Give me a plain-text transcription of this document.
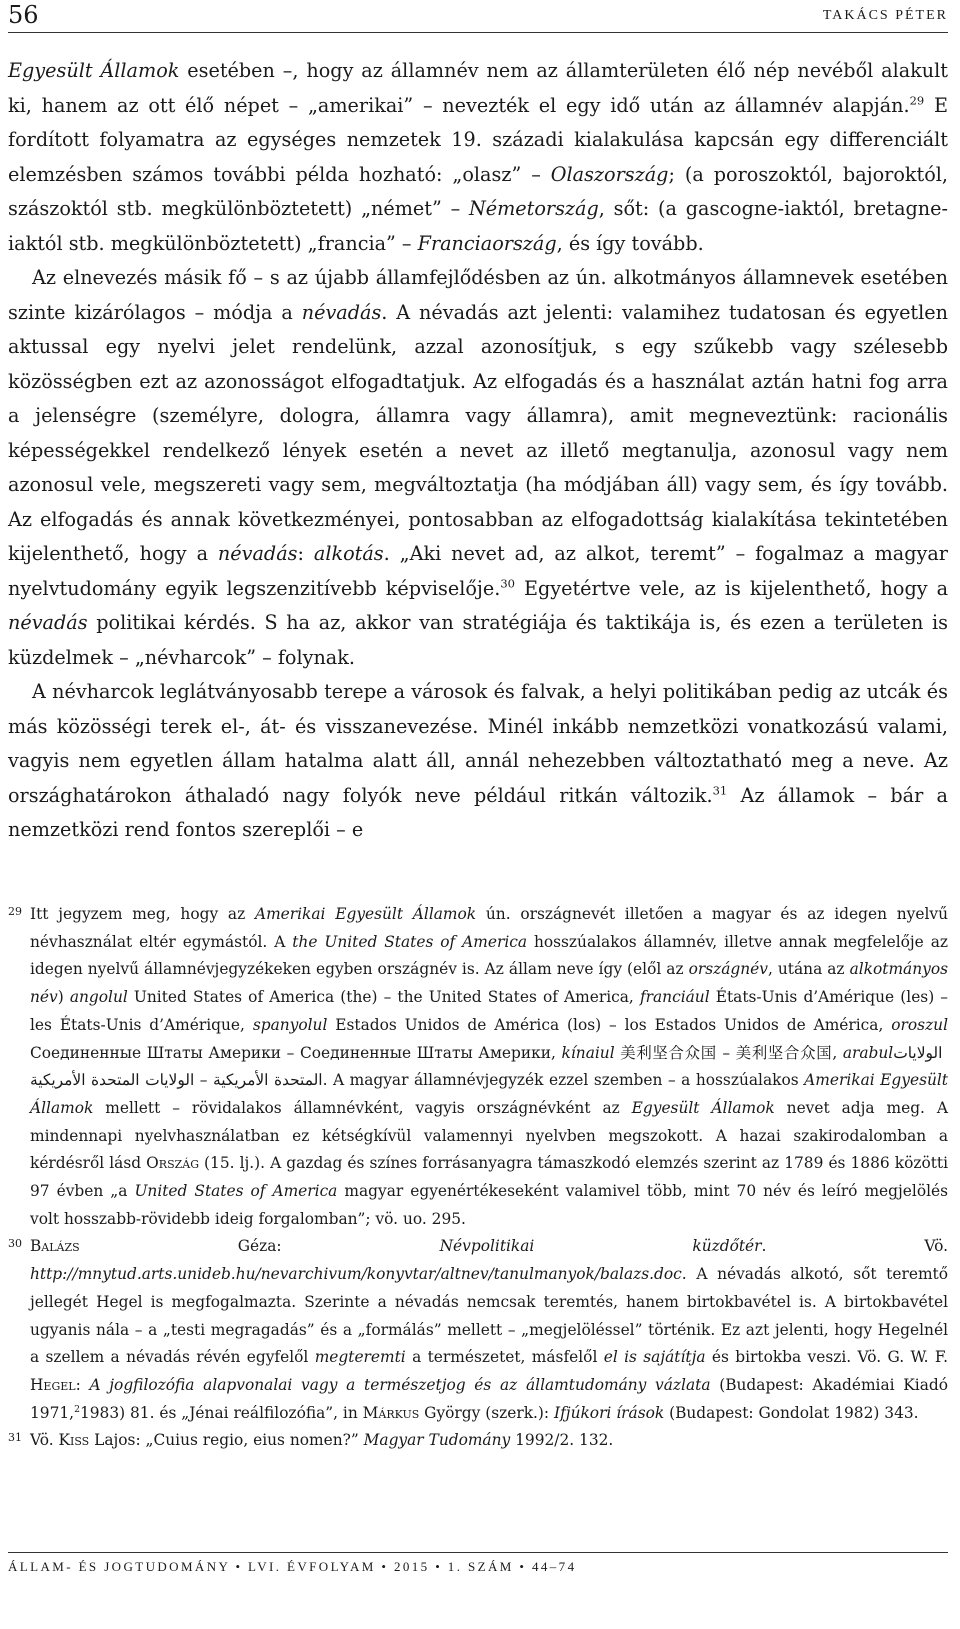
56	TAKÁCS PÉTER

Egyesült Államok esetében –, hogy az államnév nem az államterületen élő nép nevéből alakult ki, hanem az ott élő népet – „amerikai” – nevezték el egy idő után az államnév alapján.$^{29}$ E fordított folyamatra az egységes nemzetek 19. századi kialakulása kapcsán egy differenciált elemzésben számos további példa hozható: „olasz” – Olaszország; (a poroszoktól, bajoroktól, szászoktól stb. megkülönböztetett) „német” – Németország, sőt: (a gascogne-iaktól, bretagne-iaktól stb. megkülönböztetett) „francia” – Franciaország, és így tovább.

Az elnevezés másik fő – s az újabb államfejlődésben az ún. alkotmányos államnevek esetében szinte kizárólagos – módja a névadás. A névadás azt jelenti: valamihez tudatosan és egyetlen aktussal egy nyelvi jelet rendelünk, azzal azonosítjuk, s egy szűkebb vagy szélesebb közösségben ezt az azonosságot elfogadtatjuk. Az elfogadás és a használat aztán hatni fog arra a jelenségre (személyre, dologra, államra vagy államra), amit megneveztünk: racionális képességekkel rendelkező lények esetén a nevet az illető megtanulja, azonosul vagy nem azonosul vele, megszereti vagy sem, megváltoztatja (ha módjában áll) vagy sem, és így tovább. Az elfogadás és annak következményei, pontosabban az elfogadottság kialakítása tekintetében kijelenthető, hogy a névadás: alkotás. „Aki nevet ad, az alkot, teremt” – fogalmaz a magyar nyelvtudomány egyik legszenzitívebb képviselője.$^{30}$ Egyetértve vele, az is kijelenthető, hogy a névadás politikai kérdés. S ha az, akkor van stratégiája és taktikája is, és ezen a területen is küzdelmek – „névharcok” – folynak.

A névharcok leglátványosabb terepe a városok és falvak, a helyi politikában pedig az utcák és más közösségi terek el-, át- és visszanevezése. Minél inkább nemzetközi vonatkozású valami, vagyis nem egyetlen állam hatalma alatt áll, annál nehezebben változtatható meg a neve. Az országhatárokon áthaladó nagy folyók neve például ritkán változik.$^{31}$ Az államok – bár a nemzetközi rend fontos szereplői – e

29 Itt jegyzem meg, hogy az Amerikai Egyesült Államok ún. országnevét illetően a magyar és az idegen nyelvű névhasználat eltér egymástól. A the United States of America hosszúalakos államnév, illetve annak megfelelője az idegen nyelvű államnévjegyzékeken egyben országnév is. Az állam neve így (elől az országnév, utána az alkotmányos név) angolul United States of America (the) – the United States of America, franciául États-Unis d’Amérique (les) – les États-Unis d’Amérique, spanyolul Estados Unidos de América (los) – los Estados Unidos de América, oroszul Соединенные Штаты Америки – Соединенные Штаты Америки, kínaiul 美利坚合众国 – 美利坚合众国, arabul الولايات المتحدة الأمريكية – الولايات المتحدة الأمريكية. A magyar államnévjegyzék ezzel szemben – a hosszúalakos Amerikai Egyesült Államok mellett – rövidalakos államnévként, vagyis országnévként az Egyesült Államok nevet adja meg. A mindennapi nyelvhasználatban ez kétségkívül valamennyi nyelvben megszokott. A hazai szakirodalomban a kérdésről lásd Ország (15. lj.). A gazdag és színes forrásanyagra támaszkodó elemzés szerint az 1789 és 1886 közötti 97 évben „a United States of America magyar egyenértékeseként valamivel több, mint 70 név és leíró megjelölés volt hosszabb-rövidebb ideig forgalomban”; vö. uo. 295.

30 Balázs Géza: Névpolitikai küzdőtér. Vö. http://mnytud.arts.unideb.hu/nevarchivum/konyvtar/altnev/tanulmanyok/balazs.doc. A névadás alkotó, sőt teremtő jellegét Hegel is megfogalmazta. Szerinte a névadás nemcsak teremtés, hanem birtokbavétel is. A birtokbavétel ugyanis nála – a „testi megragadás” és a „formálás” mellett – „megjelöléssel” történik. Ez azt jelenti, hogy Hegelnél a szellem a névadás révén egyfelől megteremti a természetet, másfelől el is sajátítja és birtokba veszi. Vö. G. W. F. Hegel: A jogfilozófia alapvonalai vagy a természetjog és az államtudomány vázlata (Budapest: Akadémiai Kiadó 1971,$^2$1983) 81. és „Jénai reálfilozófia”, in Márkus György (szerk.): Ifjúkori írások (Budapest: Gondolat 1982) 343.

31 Vö. Kiss Lajos: „Cuius regio, eius nomen?” Magyar Tudomány 1992/2. 132.

ÁLLAM- ÉS JOGTUDOMÁNY • LVI. ÉVFOLYAM • 2015 • 1. SZÁM • 44–74
